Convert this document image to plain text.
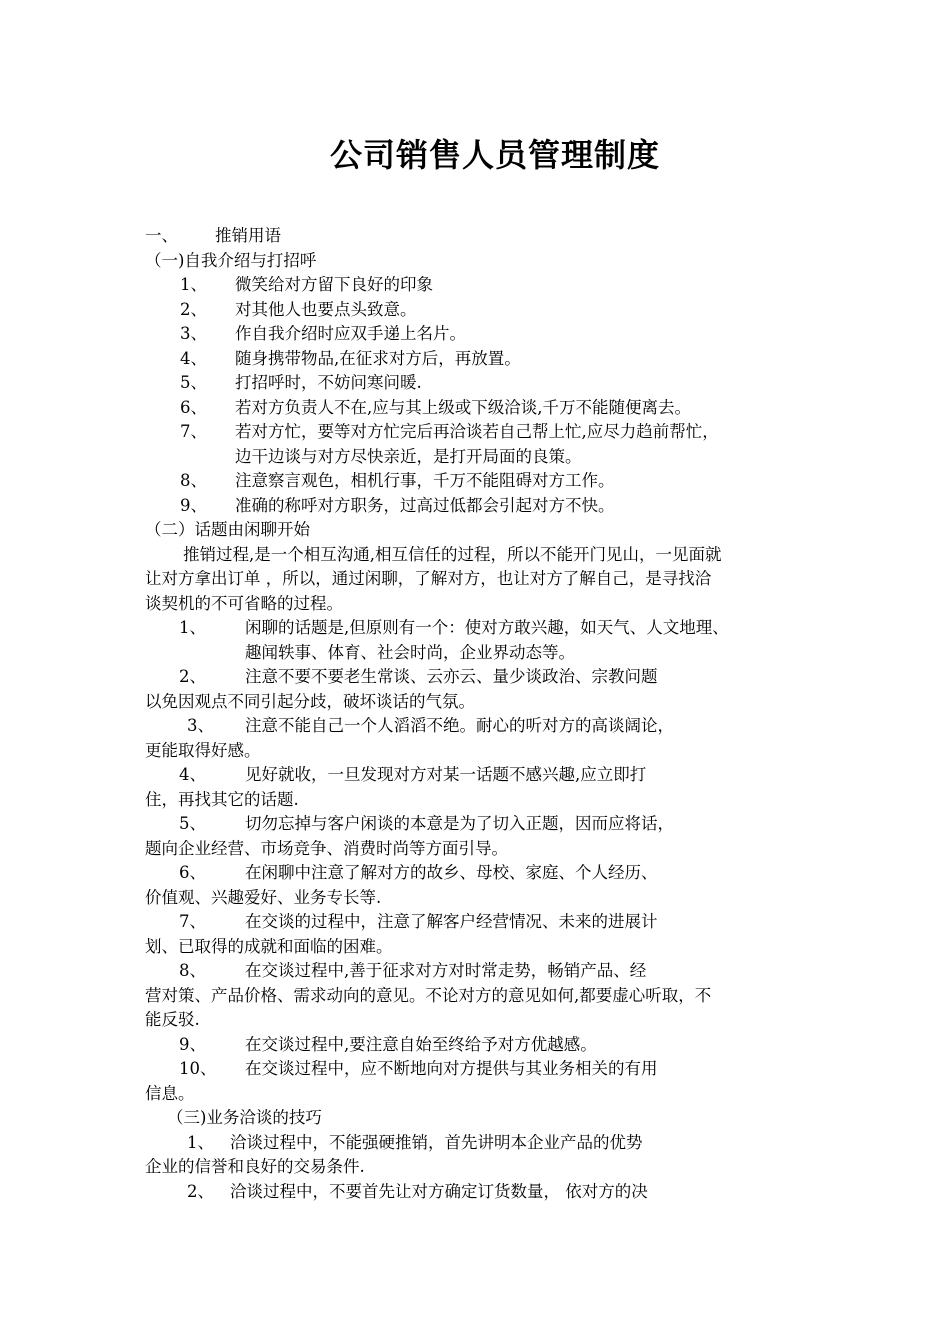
公司销售人员管理制度
一、 推销用语
（一)自我介绍与打招呼
1、 微笑给对方留下良好的印象
2、 对其他人也要点头致意。
3、 作自我介绍时应双手递上名片。
4、 随身携带物品,在征求对方后，再放置。
5、 打招呼时，不妨问寒问暖.
6、 若对方负责人不在,应与其上级或下级洽谈,千万不能随便离去。
7、 若对方忙，要等对方忙完后再洽谈若自己帮上忙,应尽力趋前帮忙，
边干边谈与对方尽快亲近，是打开局面的良策。
8、 注意察言观色，相机行事，千万不能阻碍对方工作。
9、 准确的称呼对方职务，过高过低都会引起对方不快。
（二）话题由闲聊开始
推销过程,是一个相互沟通,相互信任的过程，所以不能开门见山，一见面就
让对方拿出订单 ，所以，通过闲聊，了解对方，也让对方了解自己，是寻找洽
谈契机的不可省略的过程。
1、 闲聊的话题是,但原则有一个：使对方敢兴趣，如天气、人文地理、
趣闻轶事、体育、社会时尚，企业界动态等。
2、 注意不要不要老生常谈、云亦云、量少谈政治、宗教问题
以免因观点不同引起分歧，破坏谈话的气氛。
3、 注意不能自己一个人滔滔不绝。耐心的听对方的高谈阔论，
更能取得好感。
4、 见好就收，一旦发现对方对某一话题不感兴趣,应立即打
住，再找其它的话题.
5、 切勿忘掉与客户闲谈的本意是为了切入正题，因而应将话，
题向企业经营、市场竞争、消费时尚等方面引导。
6、 在闲聊中注意了解对方的故乡、母校、家庭、个人经历、
价值观、兴趣爱好、业务专长等.
7、 在交谈的过程中，注意了解客户经营情况、未来的进展计
划、已取得的成就和面临的困难。
8、 在交谈过程中,善于征求对方对时常走势，畅销产品、经
营对策、产品价格、需求动向的意见。不论对方的意见如何,都要虚心听取，不
能反驳.
9、 在交谈过程中,要注意自始至终给予对方优越感。
10、 在交谈过程中，应不断地向对方提供与其业务相关的有用
信息。
（三)业务洽谈的技巧
1、 洽谈过程中，不能强硬推销，首先讲明本企业产品的优势
企业的信誉和良好的交易条件.
2、 洽谈过程中，不要首先让对方确定订货数量， 依对方的决
